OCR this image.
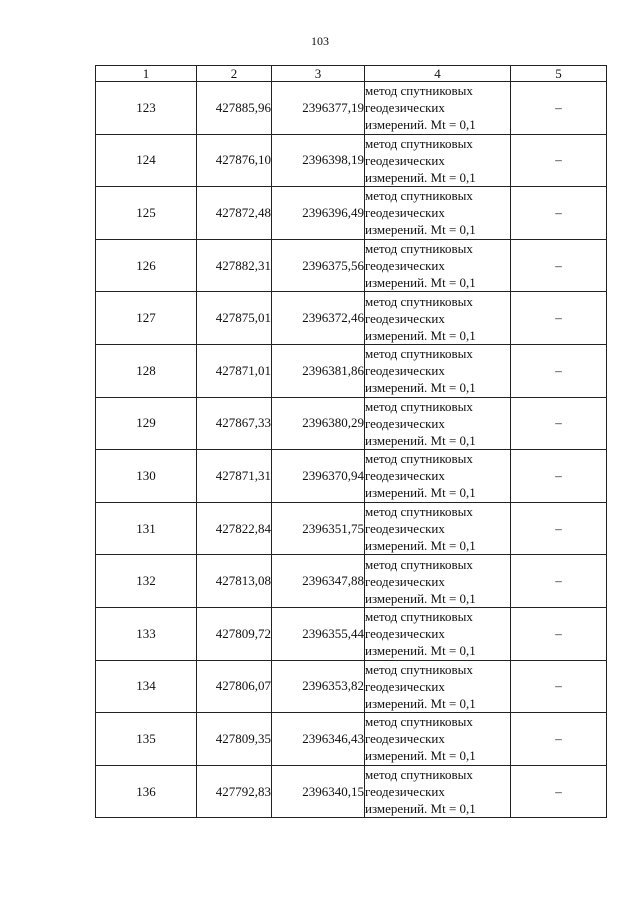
103
1	2	3	4	5
123	427885,96	2396377,19	метод спутниковых
геодезических
измерений. Mt = 0,1	–
124	427876,10	2396398,19	метод спутниковых
геодезических
измерений. Mt = 0,1	–
125	427872,48	2396396,49	метод спутниковых
геодезических
измерений. Mt = 0,1	–
126	427882,31	2396375,56	метод спутниковых
геодезических
измерений. Mt = 0,1	–
127	427875,01	2396372,46	метод спутниковых
геодезических
измерений. Mt = 0,1	–
128	427871,01	2396381,86	метод спутниковых
геодезических
измерений. Mt = 0,1	–
129	427867,33	2396380,29	метод спутниковых
геодезических
измерений. Mt = 0,1	–
130	427871,31	2396370,94	метод спутниковых
геодезических
измерений. Mt = 0,1	–
131	427822,84	2396351,75	метод спутниковых
геодезических
измерений. Mt = 0,1	–
132	427813,08	2396347,88	метод спутниковых
геодезических
измерений. Mt = 0,1	–
133	427809,72	2396355,44	метод спутниковых
геодезических
измерений. Mt = 0,1	–
134	427806,07	2396353,82	метод спутниковых
геодезических
измерений. Mt = 0,1	–
135	427809,35	2396346,43	метод спутниковых
геодезических
измерений. Mt = 0,1	–
136	427792,83	2396340,15	метод спутниковых
геодезических
измерений. Mt = 0,1	–
